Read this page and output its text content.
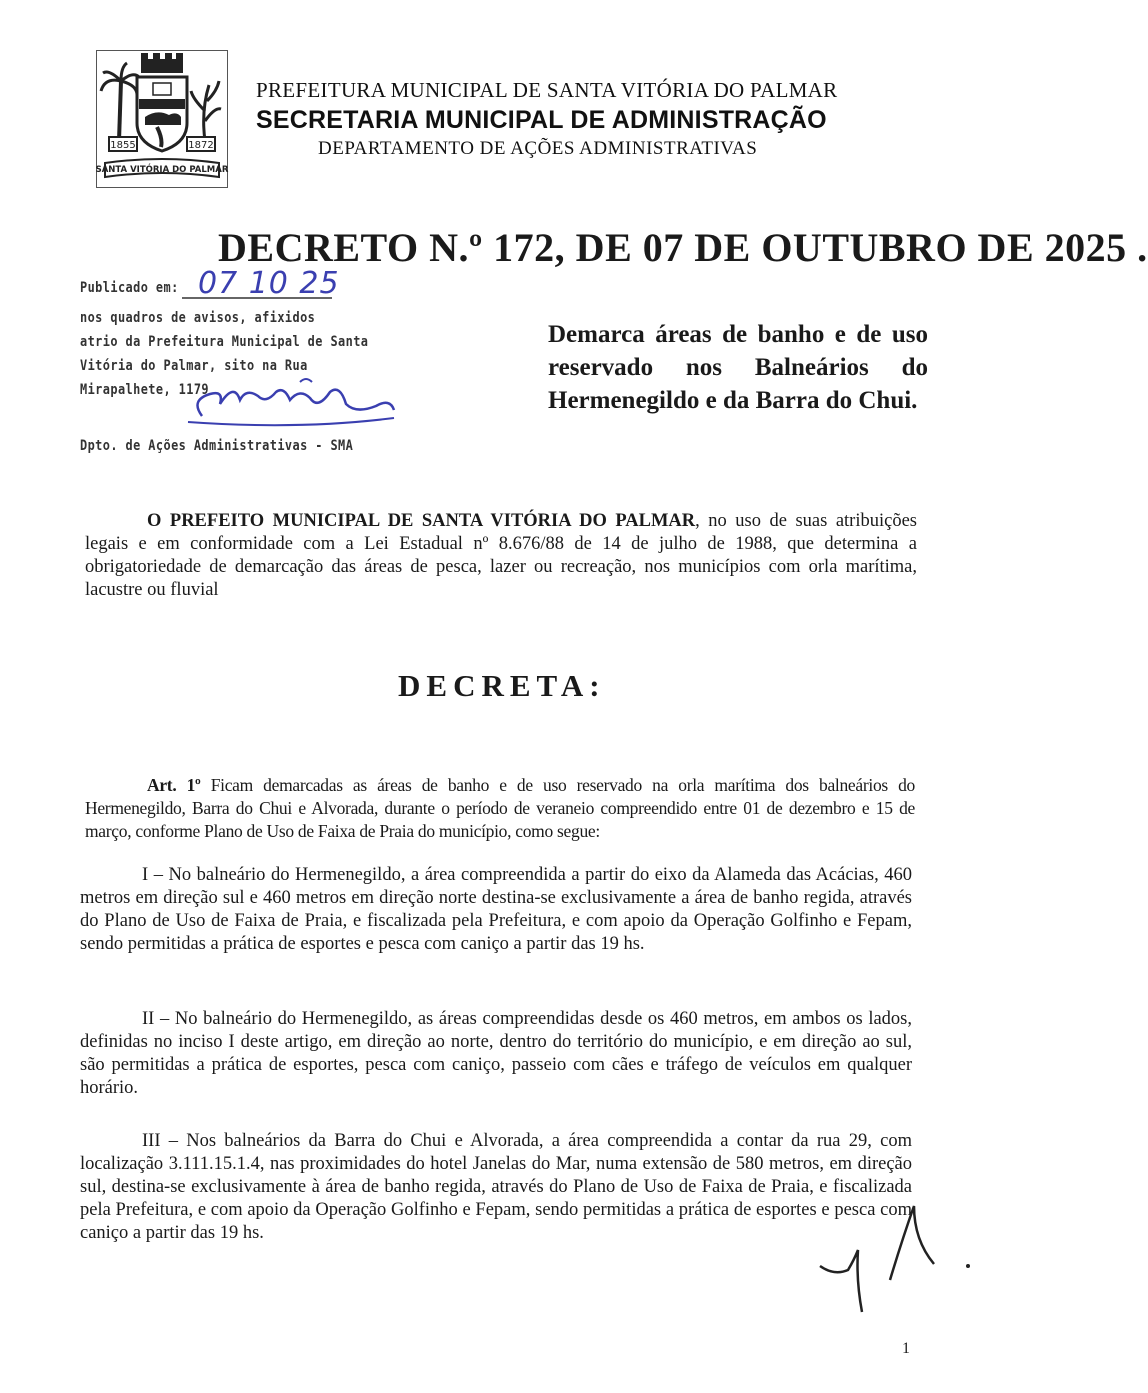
1855	1872
SANTA VITÓRIA DO PALMAR
PREFEITURA MUNICIPAL DE SANTA VITÓRIA DO PALMAR
SECRETARIA MUNICIPAL DE ADMINISTRAÇÃO
DEPARTAMENTO DE AÇÕES ADMINISTRATIVAS
DECRETO N.º 172, DE 07 DE OUTUBRO DE 2025 .
Publicado em: 07 10 25
nos quadros de avisos, afixidos
atrio da Prefeitura Municipal de Santa
Vitória do Palmar, sito na Rua
Mirapalhete, 1179
Dpto. de Ações Administrativas - SMA
Demarca áreas de banho e de uso reservado nos Balneários do Hermenegildo e da Barra do Chui.
O PREFEITO MUNICIPAL DE SANTA VITÓRIA DO PALMAR, no uso de suas atribuições legais e em conformidade com a Lei Estadual nº 8.676/88 de 14 de julho de 1988, que determina a obrigatoriedade de demarcação das áreas de pesca, lazer ou recreação, nos municípios com orla marítima, lacustre ou fluvial
DECRETA:
Art. 1º Ficam demarcadas as áreas de banho e de uso reservado na orla marítima dos balneários do Hermenegildo, Barra do Chui e Alvorada, durante o período de veraneio compreendido entre 01 de dezembro e 15 de março, conforme Plano de Uso de Faixa de Praia do município, como segue:
I – No balneário do Hermenegildo, a área compreendida a partir do eixo da Alameda das Acácias, 460 metros em direção sul e 460 metros em direção norte destina-se exclusivamente a área de banho regida, através do Plano de Uso de Faixa de Praia, e fiscalizada pela Prefeitura, e com apoio da Operação Golfinho e Fepam, sendo permitidas a prática de esportes e pesca com caniço a partir das 19 hs.
II – No balneário do Hermenegildo, as áreas compreendidas desde os 460 metros, em ambos os lados, definidas no inciso I deste artigo, em direção ao norte, dentro do território do município, e em direção ao sul, são permitidas a prática de esportes, pesca com caniço, passeio com cães e tráfego de veículos em qualquer horário.
III – Nos balneários da Barra do Chui e Alvorada, a área compreendida a contar da rua 29, com localização 3.111.15.1.4, nas proximidades do hotel Janelas do Mar, numa extensão de 580 metros, em direção sul, destina-se exclusivamente à área de banho regida, através do Plano de Uso de Faixa de Praia, e fiscalizada pela Prefeitura, e com apoio da Operação Golfinho e Fepam, sendo permitidas a prática de esportes e pesca com caniço a partir das 19 hs.
1
